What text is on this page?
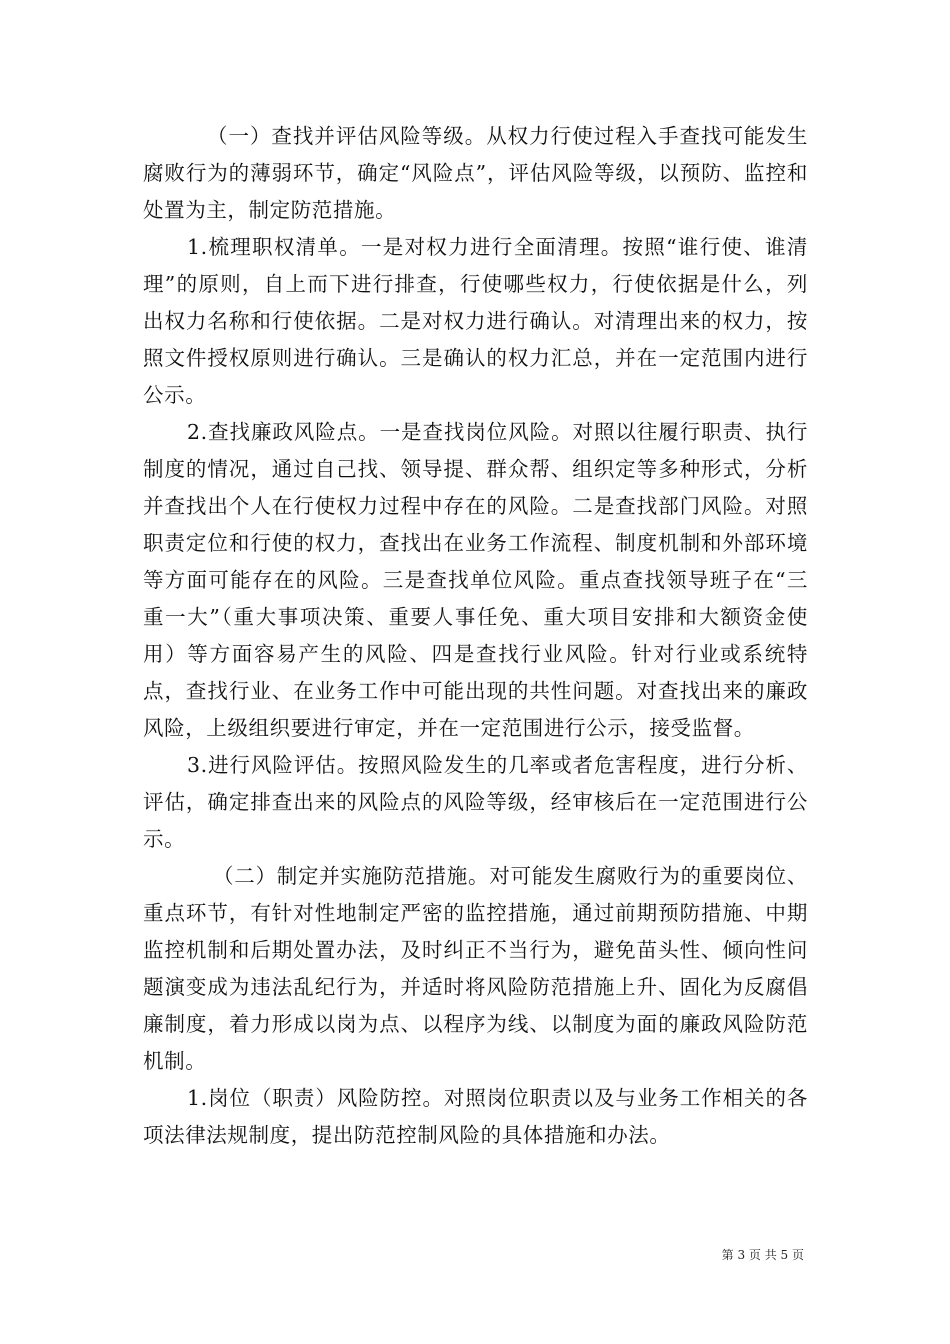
（一）查找并评估风险等级。从权力行使过程入手查找可能发生腐败行为的薄弱环节，确定“风险点”，评估风险等级，以预防、监控和处置为主，制定防范措施。

1.梳理职权清单。一是对权力进行全面清理。按照“谁行使、谁清理”的原则，自上而下进行排查，行使哪些权力，行使依据是什么，列出权力名称和行使依据。二是对权力进行确认。对清理出来的权力，按照文件授权原则进行确认。三是确认的权力汇总，并在一定范围内进行公示。

2.查找廉政风险点。一是查找岗位风险。对照以往履行职责、执行制度的情况，通过自己找、领导提、群众帮、组织定等多种形式，分析并查找出个人在行使权力过程中存在的风险。二是查找部门风险。对照职责定位和行使的权力，查找出在业务工作流程、制度机制和外部环境等方面可能存在的风险。三是查找单位风险。重点查找领导班子在“三重一大”（重大事项决策、重要人事任免、重大项目安排和大额资金使用）等方面容易产生的风险、四是查找行业风险。针对行业或系统特点，查找行业、在业务工作中可能出现的共性问题。对查找出来的廉政风险，上级组织要进行审定，并在一定范围进行公示，接受监督。

3.进行风险评估。按照风险发生的几率或者危害程度，进行分析、评估，确定排查出来的风险点的风险等级，经审核后在一定范围进行公示。

（二）制定并实施防范措施。对可能发生腐败行为的重要岗位、重点环节，有针对性地制定严密的监控措施，通过前期预防措施、中期监控机制和后期处置办法，及时纠正不当行为，避免苗头性、倾向性问题演变成为违法乱纪行为，并适时将风险防范措施上升、固化为反腐倡廉制度，着力形成以岗为点、以程序为线、以制度为面的廉政风险防范机制。

1.岗位（职责）风险防控。对照岗位职责以及与业务工作相关的各项法律法规制度，提出防范控制风险的具体措施和办法。

第 3 页 共 5 页
